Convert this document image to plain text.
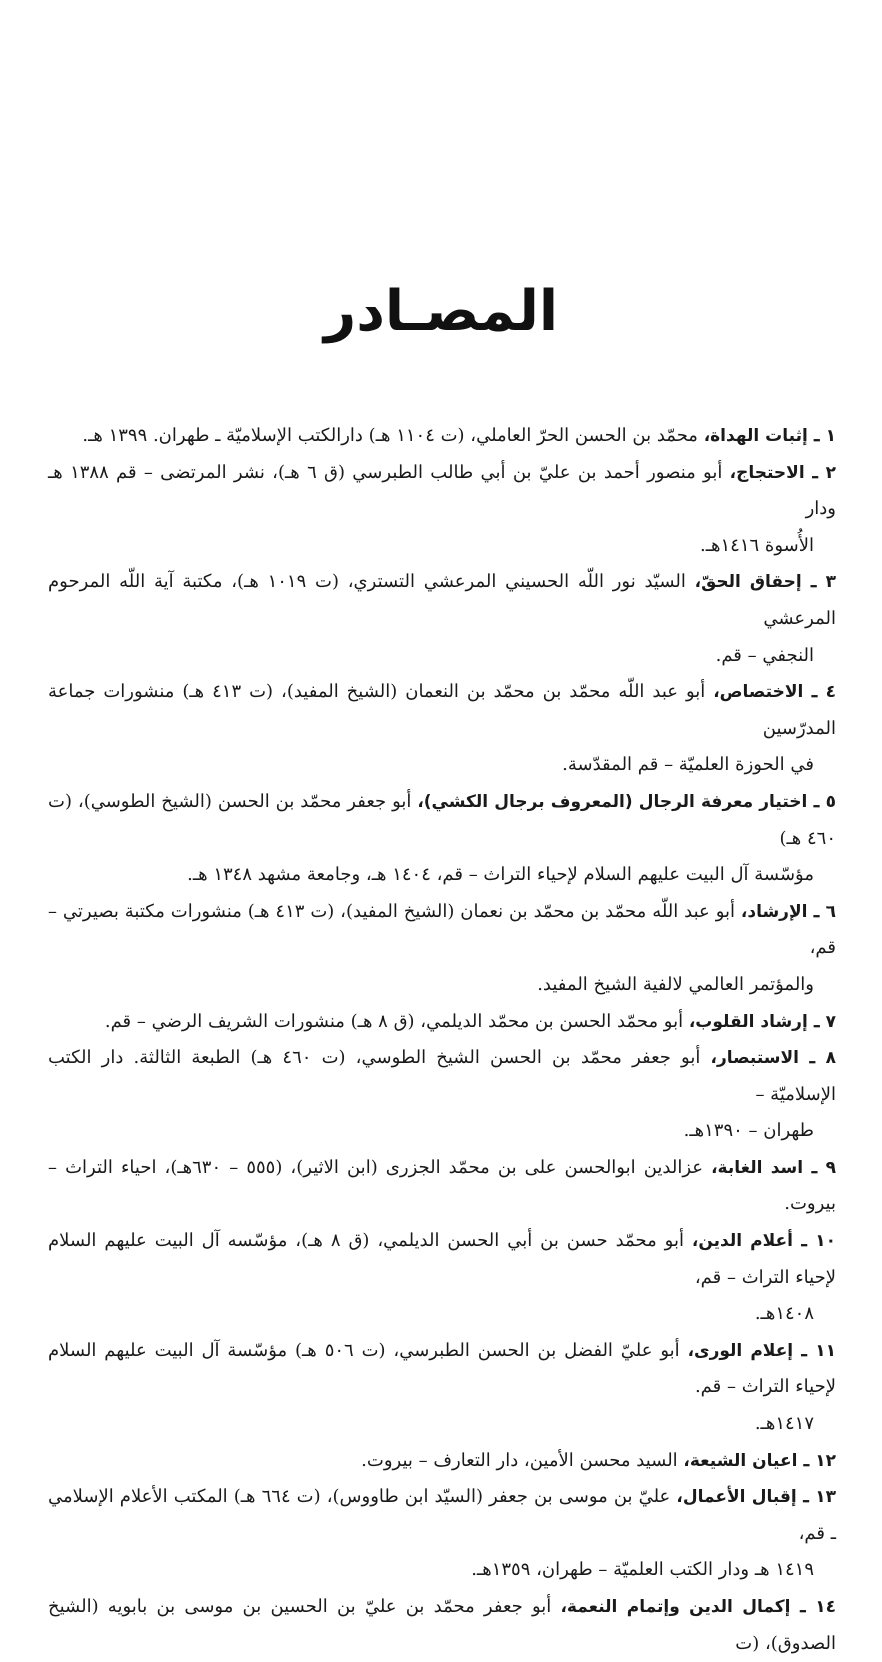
المصـادر

١ ـ إثبات الهداة، محمّد بن الحسن الحرّ العاملي، (ت ١١٠٤ هـ) دارالكتب الإسلاميّة ـ طهران. ١٣٩٩ هـ.

٢ ـ الاحتجاج، أبو منصور أحمد بن عليّ بن أبي طالب الطبرسي (ق ٦ هـ)، نشر المرتضى – قم ١٣٨٨ هـ ودار
الأُسوة ١٤١٦هـ.

٣ ـ إحقاق الحقّ، السيّد نور اللّه الحسيني المرعشي التستري، (ت ١٠١٩ هـ)، مكتبة آية اللّه المرحوم المرعشي
النجفي – قم.

٤ ـ الاختصاص، أبو عبد اللّه محمّد بن محمّد بن النعمان (الشيخ المفيد)، (ت ٤١٣ هـ) منشورات جماعة المدرّسين
في الحوزة العلميّة – قم المقدّسة.

٥ ـ اختيار معرفة الرجال (المعروف برجال الكشي)، أبو جعفر محمّد بن الحسن (الشيخ الطوسي)، (ت ٤٦٠ هـ)
مؤسّسة آل البيت عليهم السلام لإحياء التراث – قم، ١٤٠٤ هـ، وجامعة مشهد ١٣٤٨ هـ.

٦ ـ الإرشاد، أبو عبد اللّه محمّد بن محمّد بن نعمان (الشيخ المفيد)، (ت ٤١٣ هـ) منشورات مكتبة بصيرتي – قم،
والمؤتمر العالمي لالفية الشيخ المفيد.

٧ ـ إرشاد القلوب، أبو محمّد الحسن بن محمّد الديلمي، (ق ٨ هـ) منشورات الشريف الرضي – قم.

٨ ـ الاستبصار، أبو جعفر محمّد بن الحسن الشيخ الطوسي، (ت ٤٦٠ هـ) الطبعة الثالثة. دار الكتب الإسلاميّة –
طهران – ١٣٩٠هـ.

٩ ـ اسد الغابة، عزالدين ابوالحسن على بن محمّد الجزرى (ابن الاثير)، (٥٥٥ – ٦٣٠هـ)، احياء التراث – بيروت.

١٠ ـ أعلام الدين، أبو محمّد حسن بن أبي الحسن الديلمي، (ق ٨ هـ)، مؤسّسه آل البيت عليهم السلام لإحياء التراث – قم،
١٤٠٨هـ.

١١ ـ إعلام الورى، أبو عليّ الفضل بن الحسن الطبرسي، (ت ٥٠٦ هـ) مؤسّسة آل البيت عليهم السلام لإحياء التراث – قم.
١٤١٧هـ.

١٢ ـ اعيان الشيعة، السيد محسن الأمين، دار التعارف – بيروت.

١٣ ـ إقبال الأعمال، عليّ بن موسى بن جعفر (السيّد ابن طاووس)، (ت ٦٦٤ هـ) المكتب الأعلام الإسلامي ـ قم،
١٤١٩ هـ ودار الكتب العلميّة – طهران، ١٣٥٩هـ.

١٤ ـ إكمال الدين وإتمام النعمة، أبو جعفر محمّد بن عليّ بن الحسين بن موسى بن بابويه (الشيخ الصدوق)، (ت
